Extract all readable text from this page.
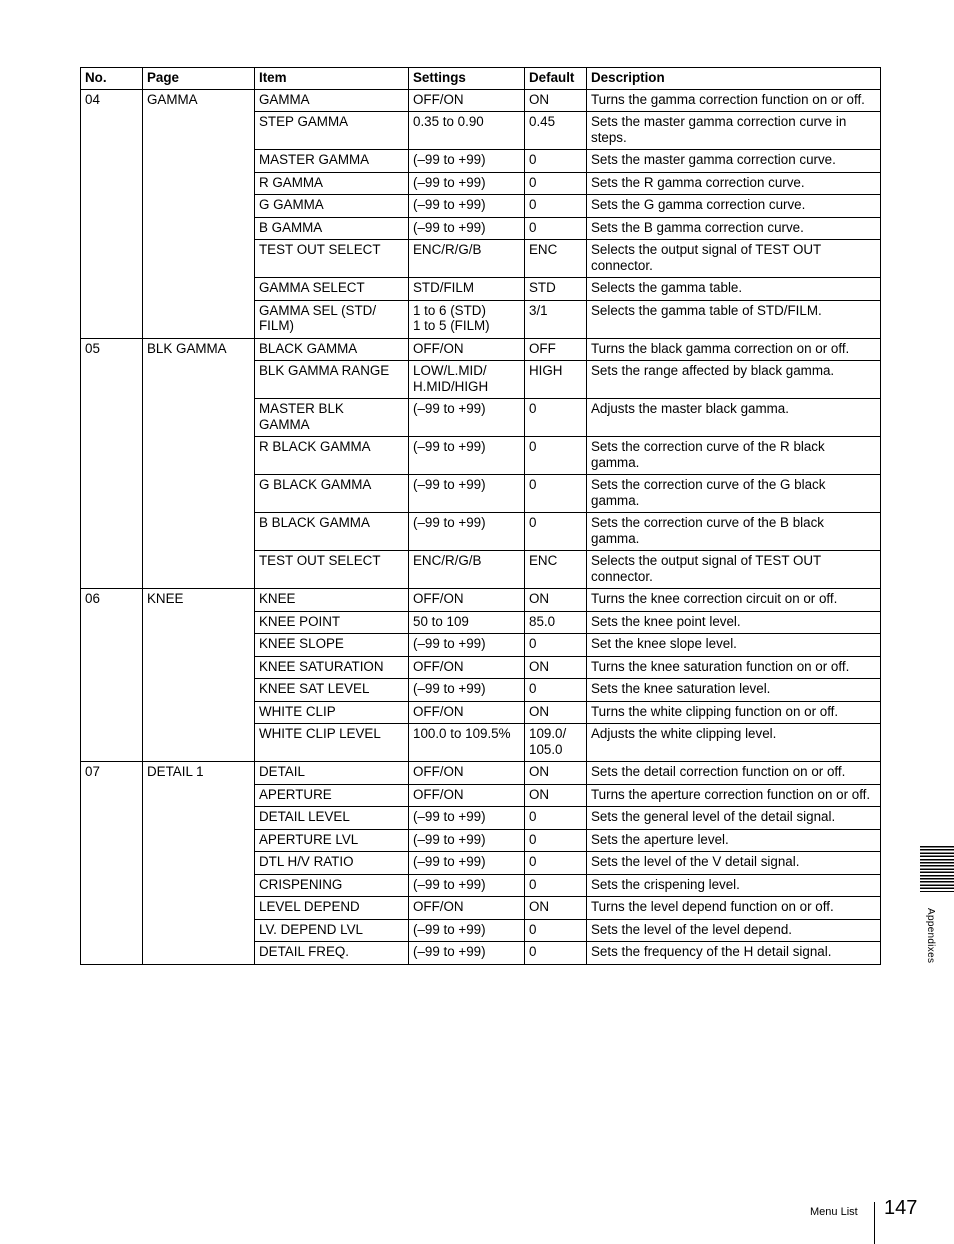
No.	Page	Item	Settings	Default	Description
04	GAMMA	GAMMA	OFF/ON	ON	Turns the gamma correction function on or off.
		STEP GAMMA	0.35 to 0.90	0.45	Sets the master gamma correction curve in steps.
		MASTER GAMMA	(–99 to +99)	0	Sets the master gamma correction curve.
		R GAMMA	(–99 to +99)	0	Sets the R gamma correction curve.
		G GAMMA	(–99 to +99)	0	Sets the G gamma correction curve.
		B GAMMA	(–99 to +99)	0	Sets the B gamma correction curve.
		TEST OUT SELECT	ENC/R/G/B	ENC	Selects the output signal of TEST OUT connector.
		GAMMA SELECT	STD/FILM	STD	Selects the gamma table.
		GAMMA SEL (STD/
FILM)	1 to 6 (STD)
1 to 5 (FILM)	3/1	Selects the gamma table of STD/FILM.
05	BLK GAMMA	BLACK GAMMA	OFF/ON	OFF	Turns the black gamma correction on or off.
		BLK GAMMA RANGE	LOW/L.MID/
H.MID/HIGH	HIGH	Sets the range affected by black gamma.
		MASTER BLK
GAMMA	(–99 to +99)	0	Adjusts the master black gamma.
		R BLACK GAMMA	(–99 to +99)	0	Sets the correction curve of the R black gamma.
		G BLACK GAMMA	(–99 to +99)	0	Sets the correction curve of the G black gamma.
		B BLACK GAMMA	(–99 to +99)	0	Sets the correction curve of the B black gamma.
		TEST OUT SELECT	ENC/R/G/B	ENC	Selects the output signal of TEST OUT connector.
06	KNEE	KNEE	OFF/ON	ON	Turns the knee correction circuit on or off.
		KNEE POINT	50 to 109	85.0	Sets the knee point level.
		KNEE SLOPE	(–99 to +99)	0	Set the knee slope level.
		KNEE SATURATION	OFF/ON	ON	Turns the knee saturation function on or off.
		KNEE SAT LEVEL	(–99 to +99)	0	Sets the knee saturation level.
		WHITE CLIP	OFF/ON	ON	Turns the white clipping function on or off.
		WHITE CLIP LEVEL	100.0 to 109.5%	109.0/
105.0	Adjusts the white clipping level.
07	DETAIL 1	DETAIL	OFF/ON	ON	Sets the detail correction function on or off.
		APERTURE	OFF/ON	ON	Turns the aperture correction function on or off.
		DETAIL LEVEL	(–99 to +99)	0	Sets the general level of the detail signal.
		APERTURE LVL	(–99 to +99)	0	Sets the aperture level.
		DTL H/V RATIO	(–99 to +99)	0	Sets the level of the V detail signal.
		CRISPENING	(–99 to +99)	0	Sets the crispening level.
		LEVEL DEPEND	OFF/ON	ON	Turns the level depend function on or off.
		LV. DEPEND LVL	(–99 to +99)	0	Sets the level of the level depend.
		DETAIL FREQ.	(–99 to +99)	0	Sets the frequency of the H detail signal.	Appendixes
Menu List 147
